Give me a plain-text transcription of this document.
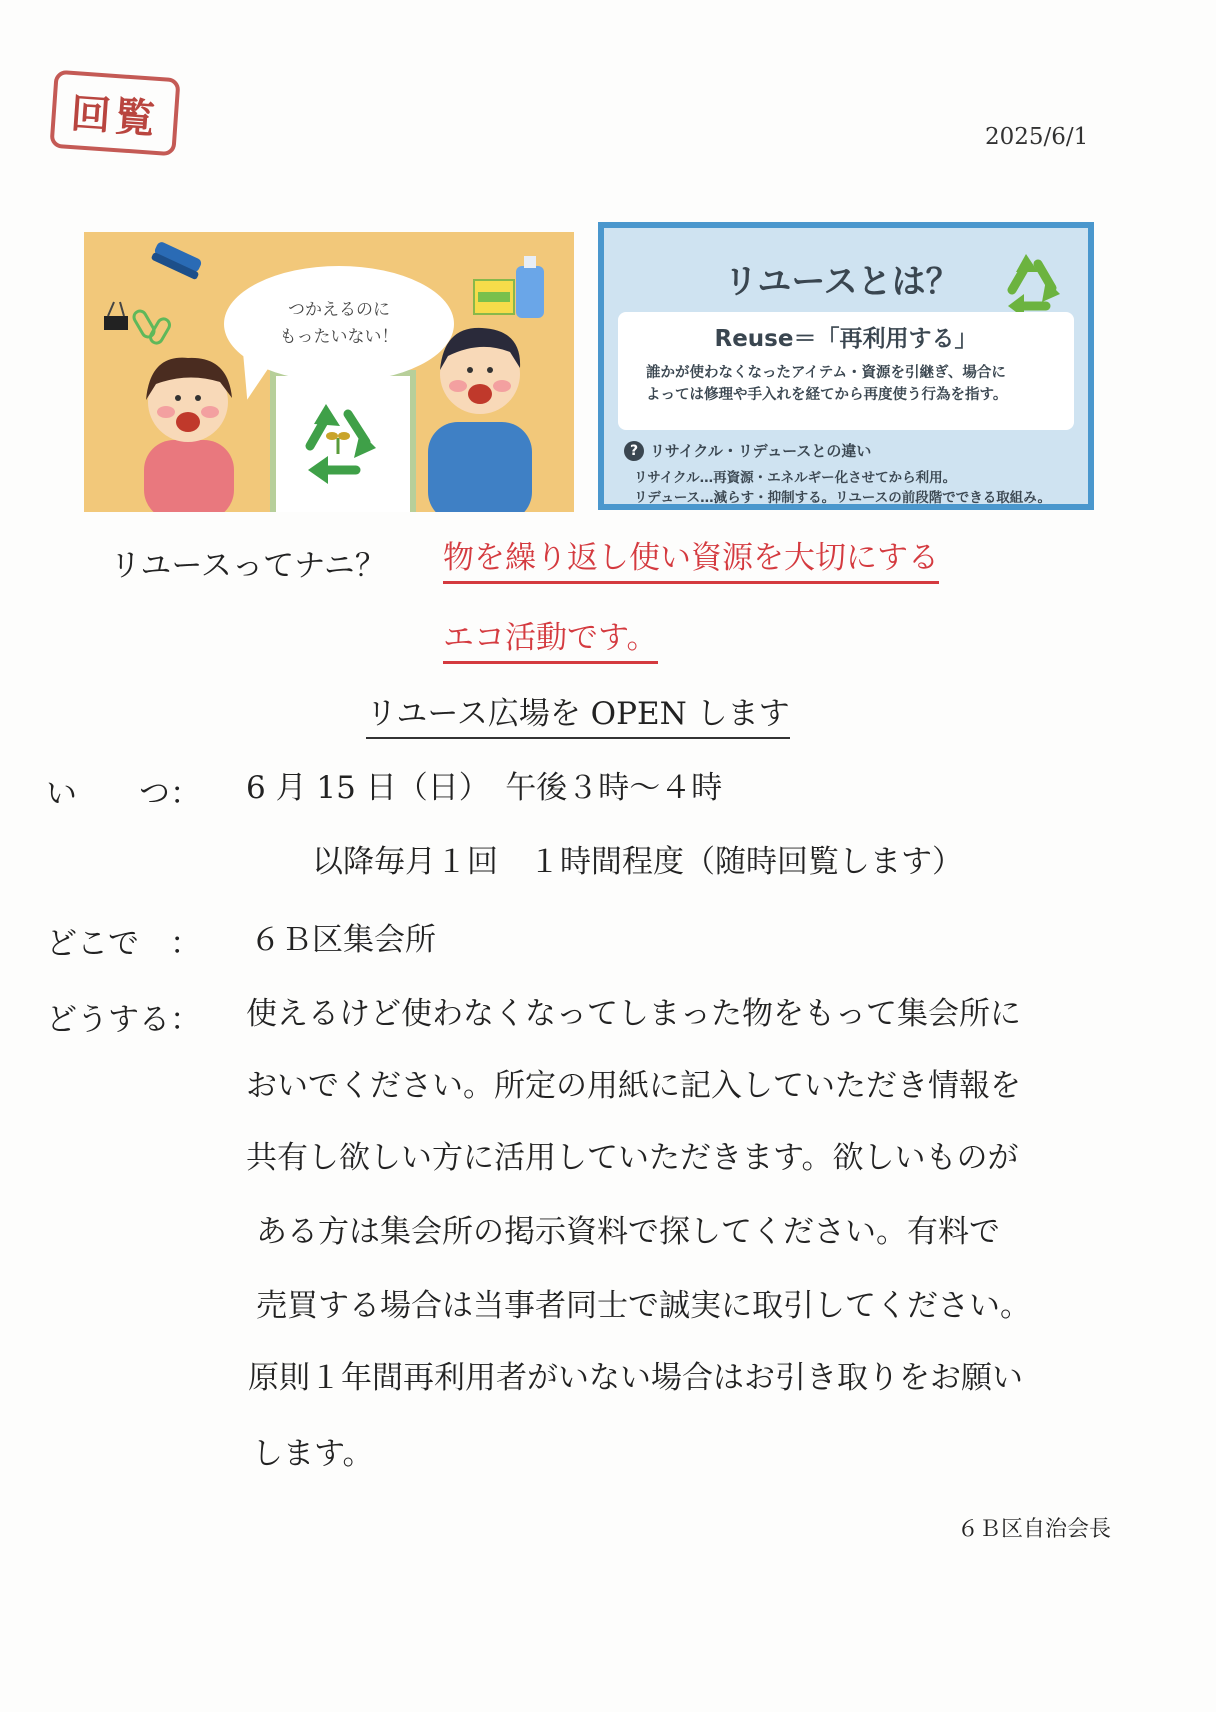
回覧	2025/6/1
つかえるのに
もったいない！
リユースとは？
Reuse＝「再利用する」
誰かが使わなくなったアイテム・資源を引継ぎ、場合に
よっては修理や手入れを経てから再度使う行為を指す。
? リサイクル・リデュースとの違い
リサイクル…再資源・エネルギー化させてから利用。
リデュース…減らす・抑制する。リユースの前段階でできる取組み。
リユースってナニ？ 物を繰り返し使い資源を大切にする
エコ活動です。
リユース広場を OPEN します
い　　つ： 6 月 15 日（日）　午後３時～４時
以降毎月１回　１時間程度（随時回覧します）
どこで　： ６Ｂ区集会所
どうする： 使えるけど使わなくなってしまった物をもって集会所に
おいでください。所定の用紙に記入していただき情報を
共有し欲しい方に活用していただきます。欲しいものが
ある方は集会所の掲示資料で探してください。有料で
売買する場合は当事者同士で誠実に取引してください。
原則１年間再利用者がいない場合はお引き取りをお願い
します。
６Ｂ区自治会長
